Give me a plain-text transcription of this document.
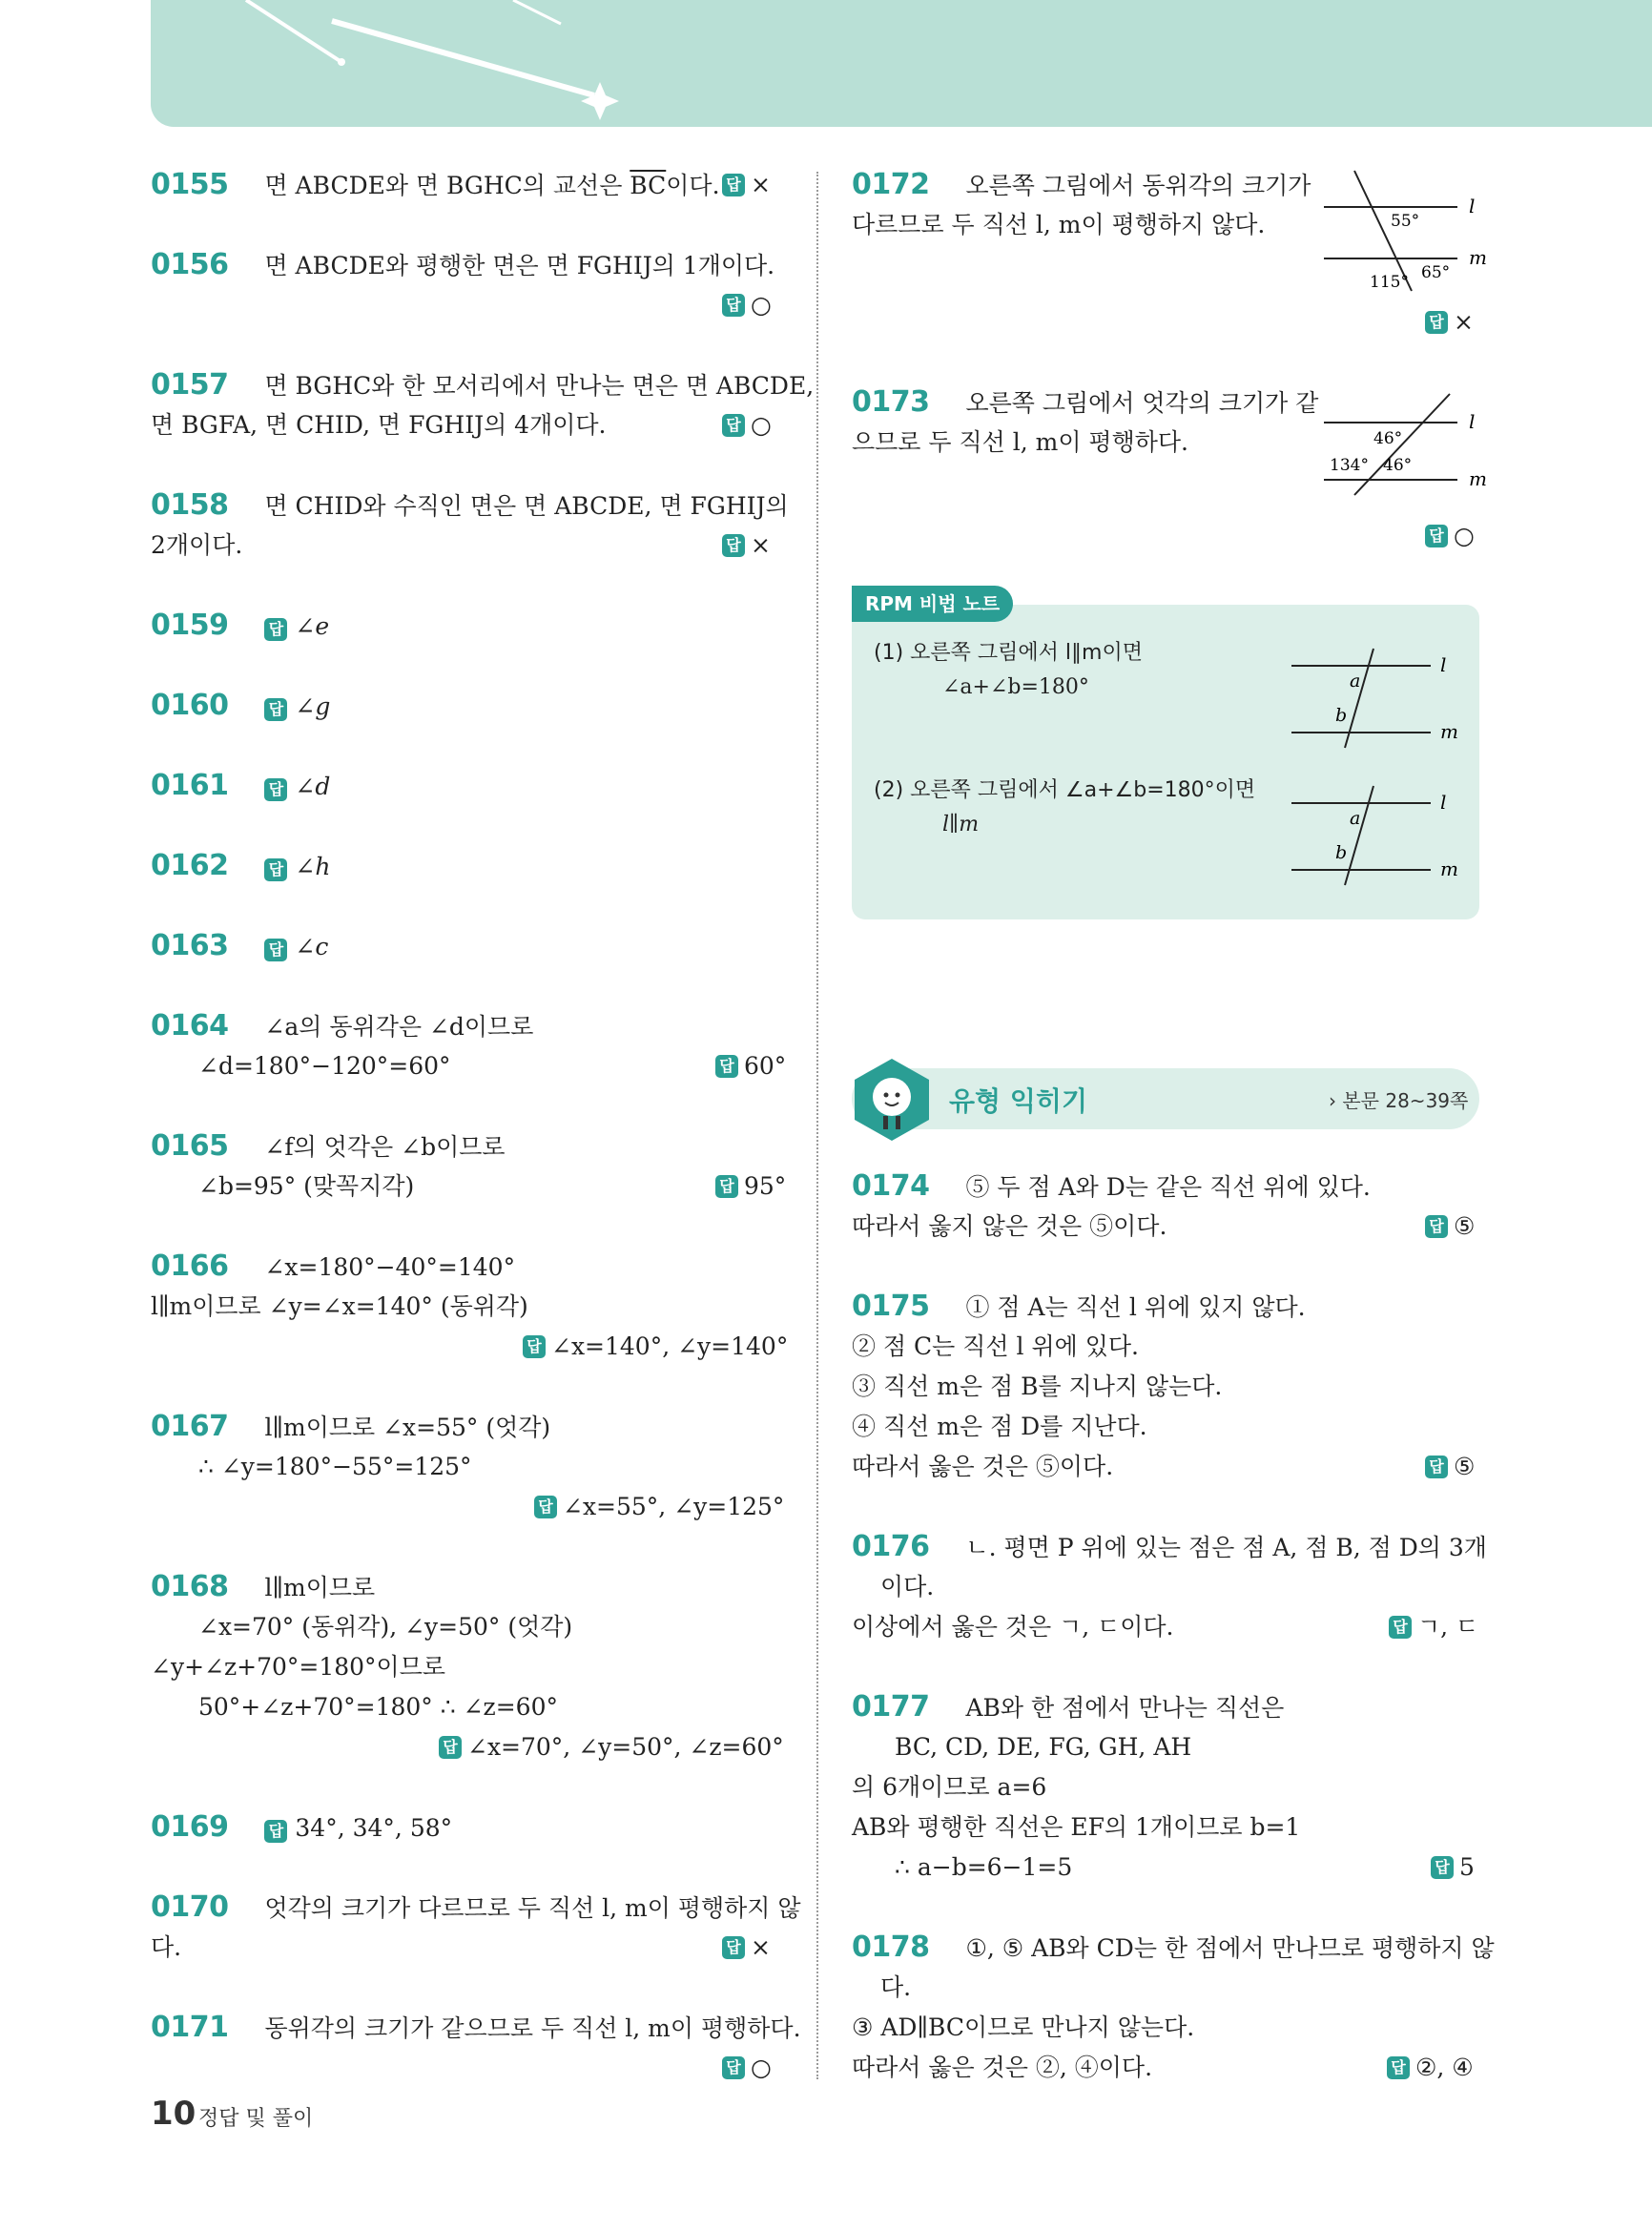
0155 면 ABCDE와 면 BGHC의 교선은 $\overline{BC}$이다. 답 ×
0156 면 ABCDE와 평행한 면은 면 FGHIJ의 1개이다.
답 ○
0157 면 BGHC와 한 모서리에서 만나는 면은 면 ABCDE,
면 BGFA, 면 CHID, 면 FGHIJ의 4개이다.	답 ○
0158 면 CHID와 수직인 면은 면 ABCDE, 면 FGHIJ의
2개이다.	답 ×
0159	답 ∠e
0160	답 ∠g
0161	답 ∠d
0162	답 ∠h
0163	답 ∠c
0164 ∠a의 동위각은 ∠d이므로
∠d=180°−120°=60°	답 60°
0165 ∠f의 엇각은 ∠b이므로
∠b=95° (맞꼭지각)	답 95°
0166 ∠x=180°−40°=140°
l∥m이므로 ∠y=∠x=140° (동위각)
답 ∠x=140°, ∠y=140°
0167 l∥m이므로 ∠x=55° (엇각)
∴ ∠y=180°−55°=125°
답 ∠x=55°, ∠y=125°
0168 l∥m이므로
∠x=70° (동위각), ∠y=50° (엇각)
∠y+∠z+70°=180°이므로
50°+∠z+70°=180° ∴ ∠z=60°
답 ∠x=70°, ∠y=50°, ∠z=60°
0169	답 34°, 34°, 58°
0170 엇각의 크기가 다르므로 두 직선 l, m이 평행하지 않
다.	답 ×
0171 동위각의 크기가 같으므로 두 직선 l, m이 평행하다.
답 ○
0172 오른쪽 그림에서 동위각의 크기가
다르므로 두 직선 l, m이 평행하지 않다.
l
m
55°
115° 65°
답 ×
0173 오른쪽 그림에서 엇각의 크기가 같
으므로 두 직선 l, m이 평행하다.
l
m
46°
134° 46°
답 ○
RPM 비법 노트
(1) 오른쪽 그림에서 l∥m이면
∠a+∠b=180°
(2) 오른쪽 그림에서 ∠a+∠b=180°이면
l∥m
l
m
a
b
l
m
a
b
유형 익히기	› 본문 28~39쪽
0174 ⑤ 두 점 A와 D는 같은 직선 위에 있다.
따라서 옳지 않은 것은 ⑤이다.	답 ⑤
0175 ① 점 A는 직선 l 위에 있지 않다.
② 점 C는 직선 l 위에 있다.
③ 직선 m은 점 B를 지나지 않는다.
④ 직선 m은 점 D를 지난다.
따라서 옳은 것은 ⑤이다.	답 ⑤
0176 ㄴ. 평면 P 위에 있는 점은 점 A, 점 B, 점 D의 3개
이다.
이상에서 옳은 것은 ㄱ, ㄷ이다.	답 ㄱ, ㄷ
0177 AB와 한 점에서 만나는 직선은
BC, CD, DE, FG, GH, AH
의 6개이므로 a=6
AB와 평행한 직선은 EF의 1개이므로 b=1
∴ a−b=6−1=5	답 5
0178 ①, ⑤ AB와 CD는 한 점에서 만나므로 평행하지 않
다.
③ AD∥BC이므로 만나지 않는다.
따라서 옳은 것은 ②, ④이다.	답 ②, ④
10 정답 및 풀이
